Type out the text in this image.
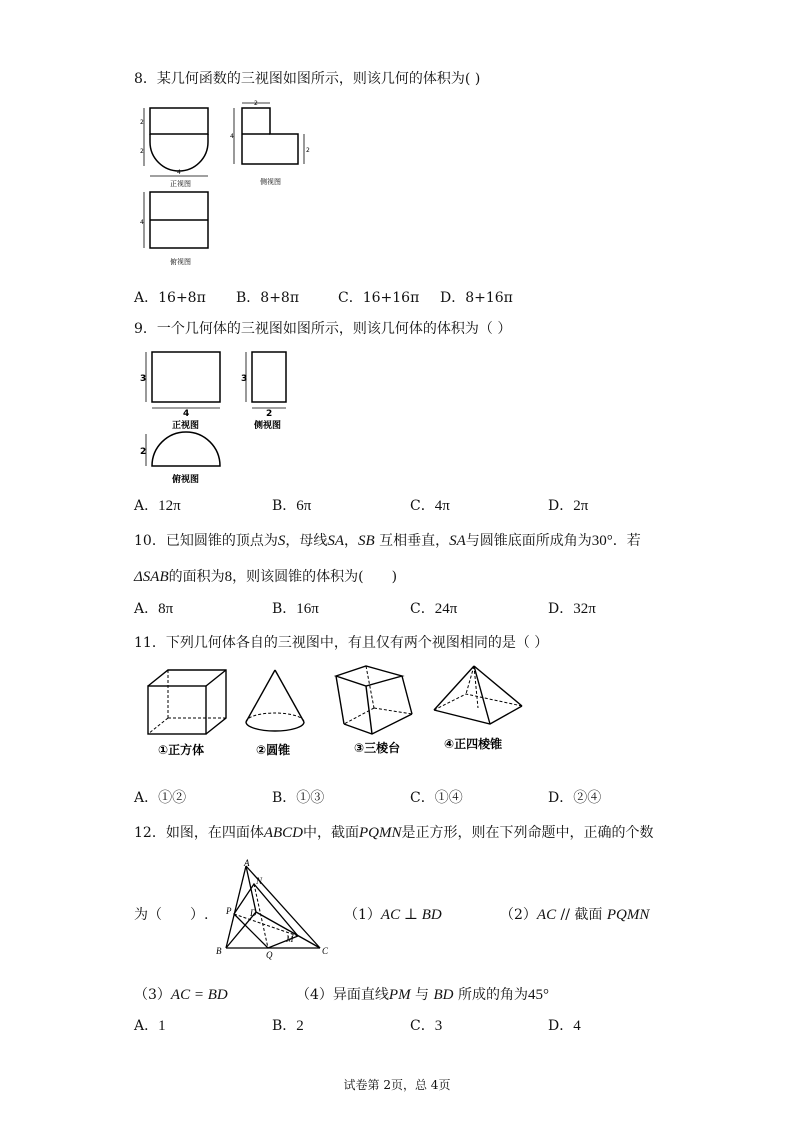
8．某几何函数的三视图如图所示，则该几何的体积为( )
2
2
4
正视图
2
4
2
侧视图
4
俯视图
A．16+8π B．8+8π	C．16+16π D．8+16π
9．一个几何体的三视图如图所示，则该几何体的体积为（ ）
3
4
正视图
3
2
侧视图
2
俯视图
A．12π	B．6π	C．4π	D．2π
10．已知圆锥的顶点为S，母线SA，SB 互相垂直，SA与圆锥底面所成角为30°．若
ΔSAB的面积为8，则该圆锥的体积为(　　)
A．8π	B．16π	C．24π	D．32π
11．下列几何体各自的三视图中，有且仅有两个视图相同的是（ ）
①正方体	②圆锥	③三棱台	④正四棱锥
A．①②	B．①③	C．①④	D．②④
12．如图，在四面体ABCD中，截面PQMN是正方形，则在下列命题中，正确的个数
为（　　）.
A
B	C
D
P
Q
M
N
（1）AC ⊥ BD	（2）AC // 截面 PQMN
（3）AC = BD	（4）异面直线PM 与 BD 所成的角为45°
A．1	B．2	C．3	D．4
试卷第 2页，总 4页
